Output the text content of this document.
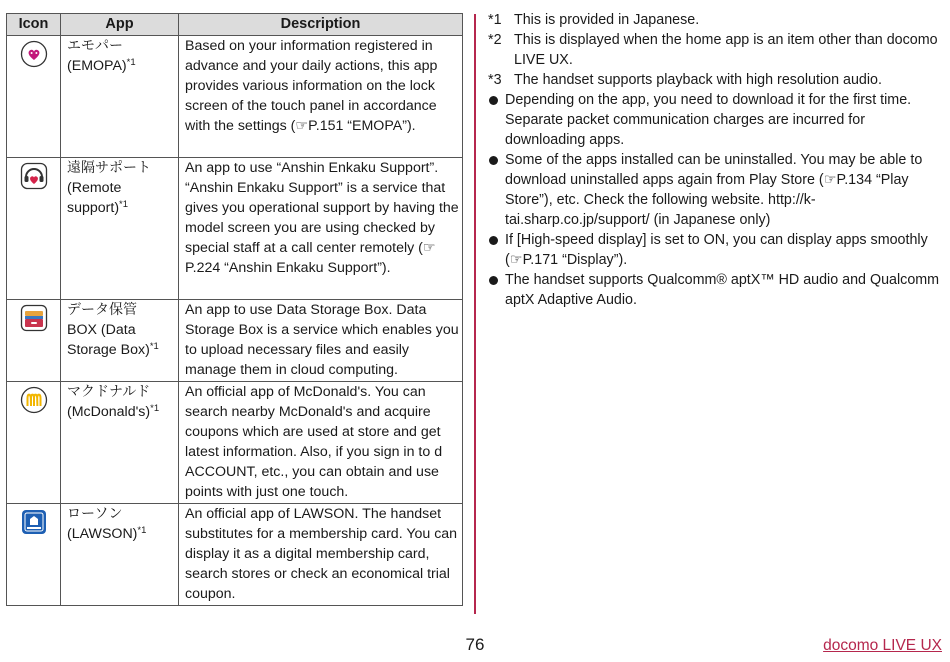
Icon	App	Description

エモパー
(EMOPA)$^{*1}$	Based on your information registered in advance and your daily actions, this app provides various information on the lock screen of the touch panel in accordance with the settings (☞P.151 “EMOPA”).

遠隔サポート
(Remote support)$^{*1}$	An app to use “Anshin Enkaku Support”. “Anshin Enkaku Support” is a service that gives you operational support by having the model screen you are using checked by special staff at a call center remotely (☞P.224 “Anshin Enkaku Support”).

データ保管
BOX (Data Storage Box)$^{*1}$	An app to use Data Storage Box. Data Storage Box is a service which enables you to upload necessary files and easily manage them in cloud computing.

マクドナルド
(McDonald's)$^{*1}$	An official app of McDonald's. You can search nearby McDonald's and acquire coupons which are used at store and get latest information. Also, if you sign in to d ACCOUNT, etc., you can obtain and use points with just one touch.

ローソン
(LAWSON)$^{*1}$	An official app of LAWSON. The handset substitutes for a membership card. You can display it as a digital membership card, search stores or check an economical trial coupon.
*1 This is provided in Japanese.
*2 This is displayed when the home app is an item other than docomo LIVE UX.
*3 The handset supports playback with high resolution audio.
Depending on the app, you need to download it for the first time. Separate packet communication charges are incurred for downloading apps.
Some of the apps installed can be uninstalled. You may be able to download uninstalled apps again from Play Store (☞P.134 “Play Store”), etc. Check the following website. http://k-tai.sharp.co.jp/support/ (in Japanese only)
If [High-speed display] is set to ON, you can display apps smoothly (☞P.171 “Display”).
The handset supports Qualcomm® aptX™ HD audio and Qualcomm aptX Adaptive Audio.
76	docomo LIVE UX
